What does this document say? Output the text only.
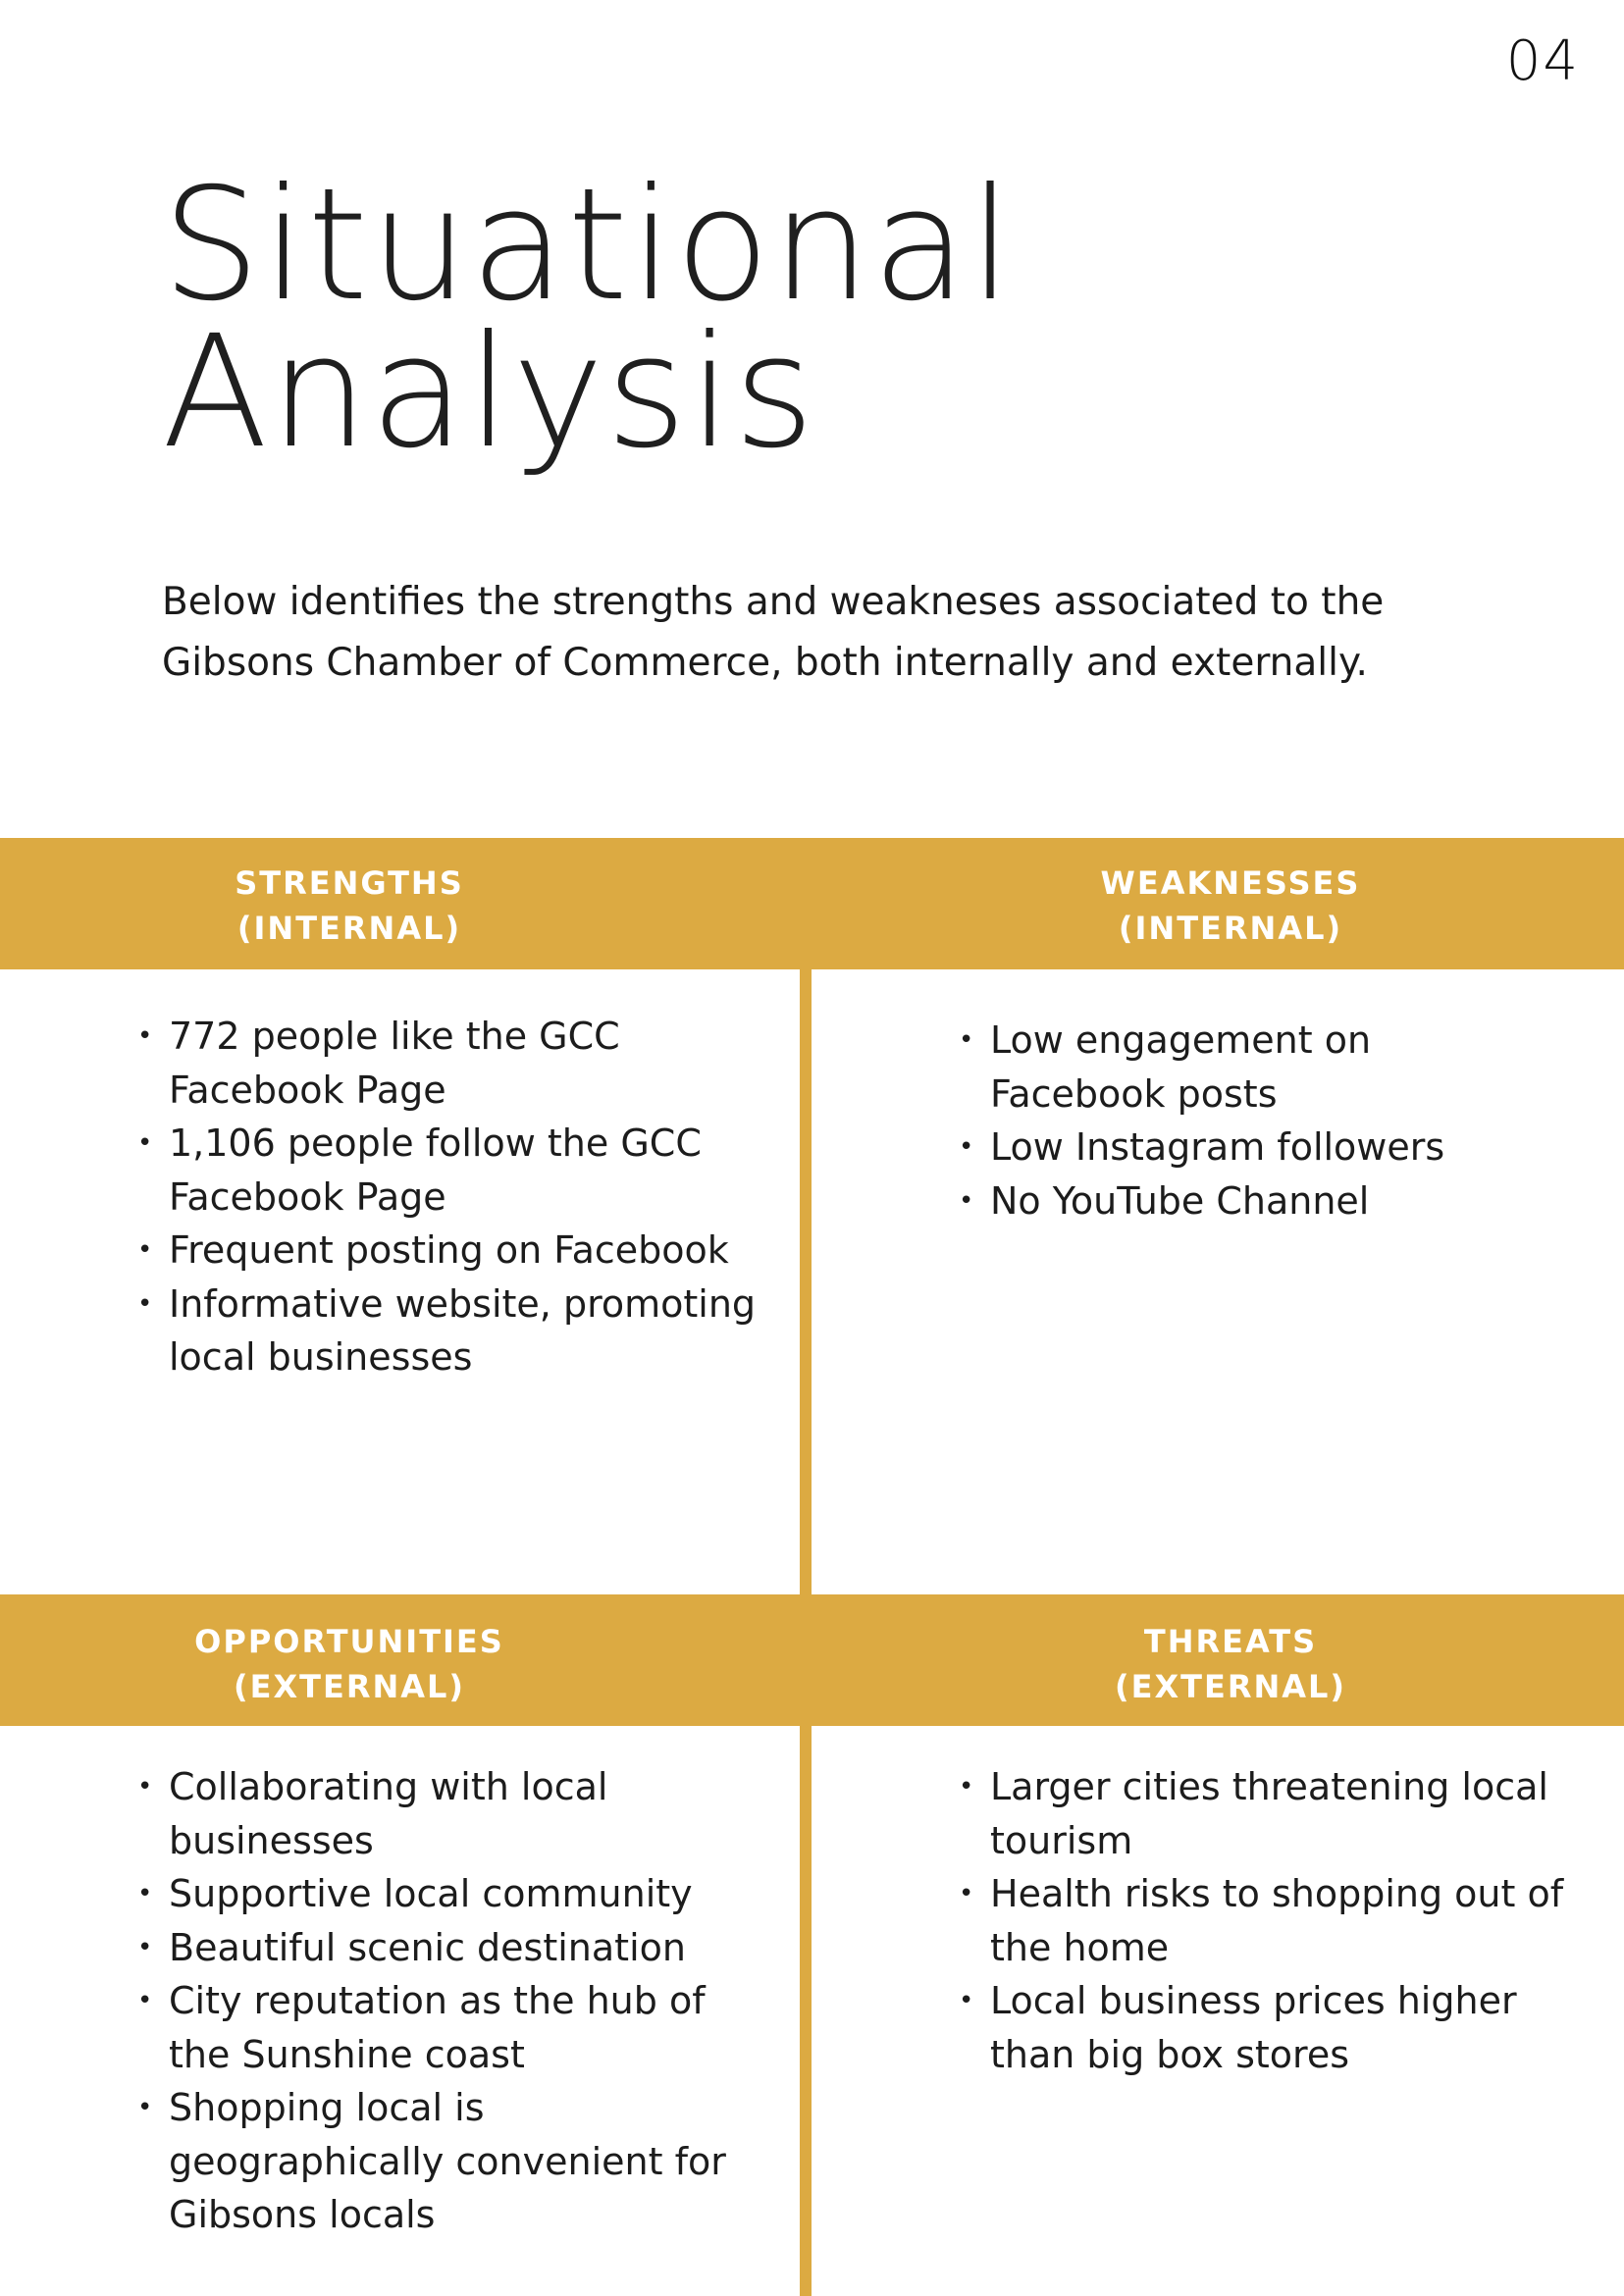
04
Situational
Analysis

Below identifies the strengths and weakneses associated to the Gibsons Chamber of Commerce, both internally and externally.

STRENGTHS
(INTERNAL)
WEAKNESSES
(INTERNAL)
OPPORTUNITIES
(EXTERNAL)
THREATS
(EXTERNAL)
• 772 people like the GCC Facebook Page
• 1,106 people follow the GCC Facebook Page
• Frequent posting on Facebook
• Informative website, promoting local businesses
• Low engagement on Facebook posts
• Low Instagram followers
• No YouTube Channel
• Collaborating with local businesses
• Supportive local community
• Beautiful scenic destination
• City reputation as the hub of the Sunshine coast
• Shopping local is geographically convenient for Gibsons locals
• Larger cities threatening local tourism
• Health risks to shopping out of the home
• Local business prices higher than big box stores
